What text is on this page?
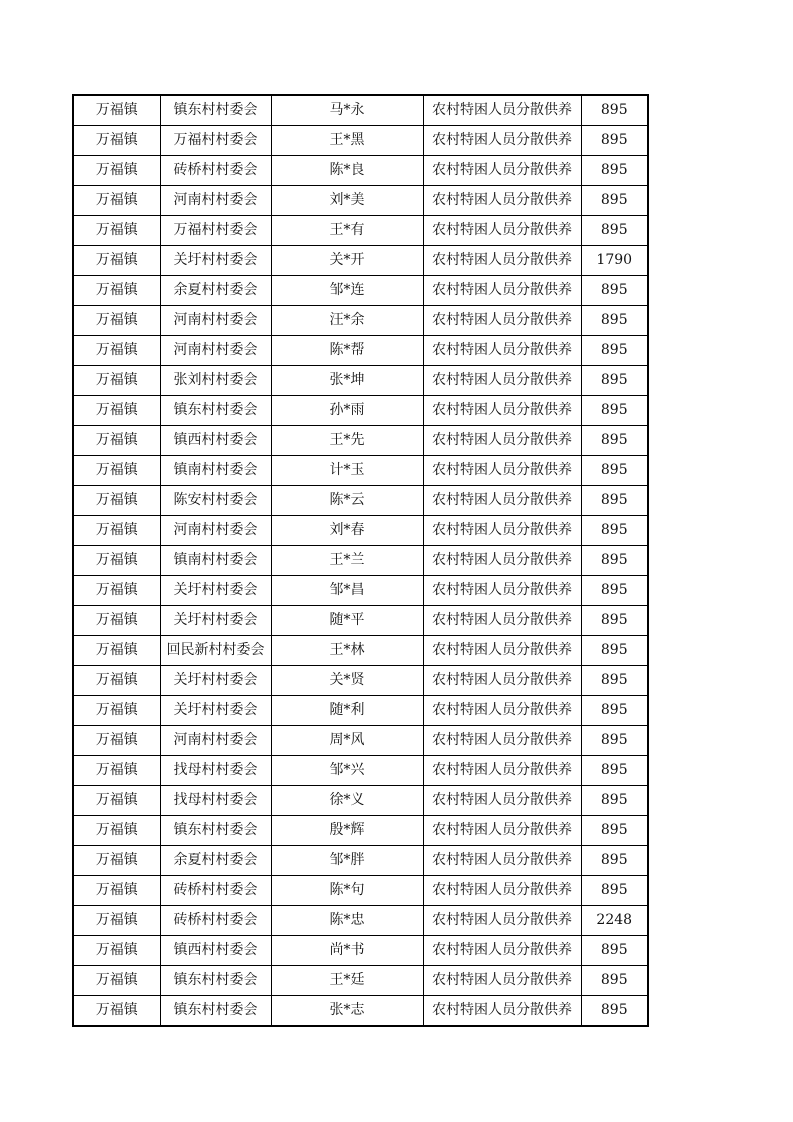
万福镇	镇东村村委会	马*永	农村特困人员分散供养	895
万福镇	万福村村委会	王*黑	农村特困人员分散供养	895
万福镇	砖桥村村委会	陈*良	农村特困人员分散供养	895
万福镇	河南村村委会	刘*美	农村特困人员分散供养	895
万福镇	万福村村委会	王*有	农村特困人员分散供养	895
万福镇	关圩村村委会	关*开	农村特困人员分散供养	1790
万福镇	余夏村村委会	邹*连	农村特困人员分散供养	895
万福镇	河南村村委会	汪*余	农村特困人员分散供养	895
万福镇	河南村村委会	陈*帮	农村特困人员分散供养	895
万福镇	张刘村村委会	张*坤	农村特困人员分散供养	895
万福镇	镇东村村委会	孙*雨	农村特困人员分散供养	895
万福镇	镇西村村委会	王*先	农村特困人员分散供养	895
万福镇	镇南村村委会	计*玉	农村特困人员分散供养	895
万福镇	陈安村村委会	陈*云	农村特困人员分散供养	895
万福镇	河南村村委会	刘*春	农村特困人员分散供养	895
万福镇	镇南村村委会	王*兰	农村特困人员分散供养	895
万福镇	关圩村村委会	邹*昌	农村特困人员分散供养	895
万福镇	关圩村村委会	随*平	农村特困人员分散供养	895
万福镇	回民新村村委会	王*林	农村特困人员分散供养	895
万福镇	关圩村村委会	关*贤	农村特困人员分散供养	895
万福镇	关圩村村委会	随*利	农村特困人员分散供养	895
万福镇	河南村村委会	周*风	农村特困人员分散供养	895
万福镇	找母村村委会	邹*兴	农村特困人员分散供养	895
万福镇	找母村村委会	徐*义	农村特困人员分散供养	895
万福镇	镇东村村委会	殷*辉	农村特困人员分散供养	895
万福镇	余夏村村委会	邹*胖	农村特困人员分散供养	895
万福镇	砖桥村村委会	陈*句	农村特困人员分散供养	895
万福镇	砖桥村村委会	陈*忠	农村特困人员分散供养	2248
万福镇	镇西村村委会	尚*书	农村特困人员分散供养	895
万福镇	镇东村村委会	王*廷	农村特困人员分散供养	895
万福镇	镇东村村委会	张*志	农村特困人员分散供养	895
